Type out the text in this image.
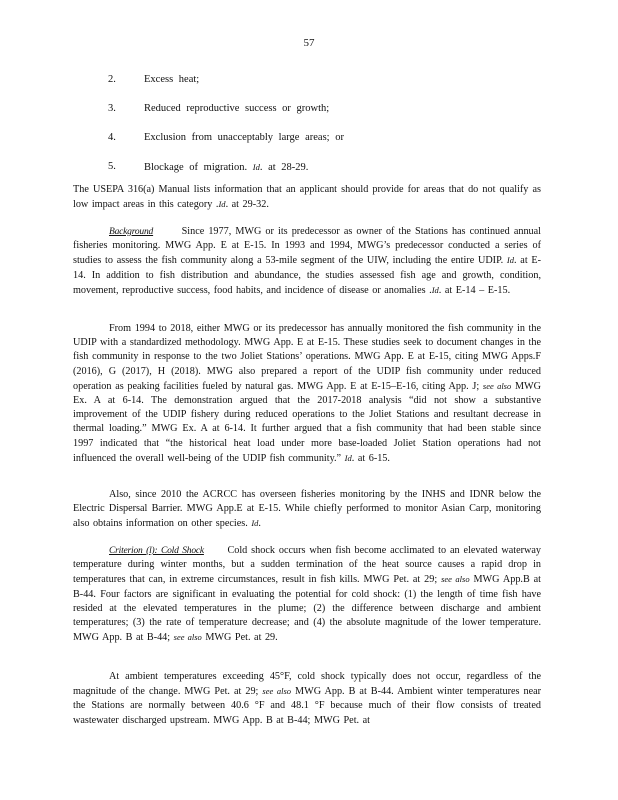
57
2.	Excess heat;
3.	Reduced reproductive success or growth;
4.	Exclusion from unacceptably large areas; or
5.	Blockage of migration. Id. at 28-29.

The USEPA 316(a) Manual lists information that an applicant should provide for areas that do not qualify as low impact areas in this category .Id. at 29-32.

Background	Since 1977, MWG or its predecessor as owner of the Stations has continued annual fisheries monitoring. MWG App. E at E-15. In 1993 and 1994, MWG’s predecessor conducted a series of studies to assess the fish community along a 53-mile segment of the UIW, including the entire UDIP. Id. at E-14. In addition to fish distribution and abundance, the studies assessed fish age and growth, condition, movement, reproductive success, food habits, and incidence of disease or anomalies .Id. at E-14 – E-15.

From 1994 to 2018, either MWG or its predecessor has annually monitored the fish community in the UDIP with a standardized methodology. MWG App. E at E-15. These studies seek to document changes in the fish community in response to the two Joliet Stations’ operations. MWG App. E at E-15, citing MWG Apps.F (2016), G (2017), H (2018). MWG also prepared a report of the UDIP fish community under reduced operation as peaking facilities fueled by natural gas. MWG App. E at E-15–E-16, citing App. J; see also MWG Ex. A at 6-14. The demonstration argued that the 2017-2018 analysis “did not show a substantive improvement of the UDIP fishery during reduced operations to the Joliet Stations and resultant decrease in thermal loading.” MWG Ex. A at 6-14. It further argued that a fish community that had been stable since 1997 indicated that “the historical heat load under more base-loaded Joliet Station operations had not influenced the overall well-being of the UDIP fish community.” Id. at 6-15.

Also, since 2010 the ACRCC has overseen fisheries monitoring by the INHS and IDNR below the Electric Dispersal Barrier. MWG App.E at E-15. While chiefly performed to monitor Asian Carp, monitoring also obtains information on other species. Id.

Criterion (l): Cold Shock Cold shock occurs when fish become acclimated to an elevated waterway temperature during winter months, but a sudden termination of the heat source causes a rapid drop in temperatures that can, in extreme circumstances, result in fish kills. MWG Pet. at 29; see also MWG App.B at B-44. Four factors are significant in evaluating the potential for cold shock: (1) the length of time fish have resided at the elevated temperatures in the plume; (2) the difference between discharge and ambient temperatures; (3) the rate of temperature decrease; and (4) the absolute magnitude of the lower temperature. MWG App. B at B-44; see also MWG Pet. at 29.

At ambient temperatures exceeding 45°F, cold shock typically does not occur, regardless of the magnitude of the change. MWG Pet. at 29; see also MWG App. B at B-44. Ambient winter temperatures near the Stations are normally between 40.6 °F and 48.1 °F because much of their flow consists of treated wastewater discharged upstream. MWG App. B at B-44; MWG Pet. at
